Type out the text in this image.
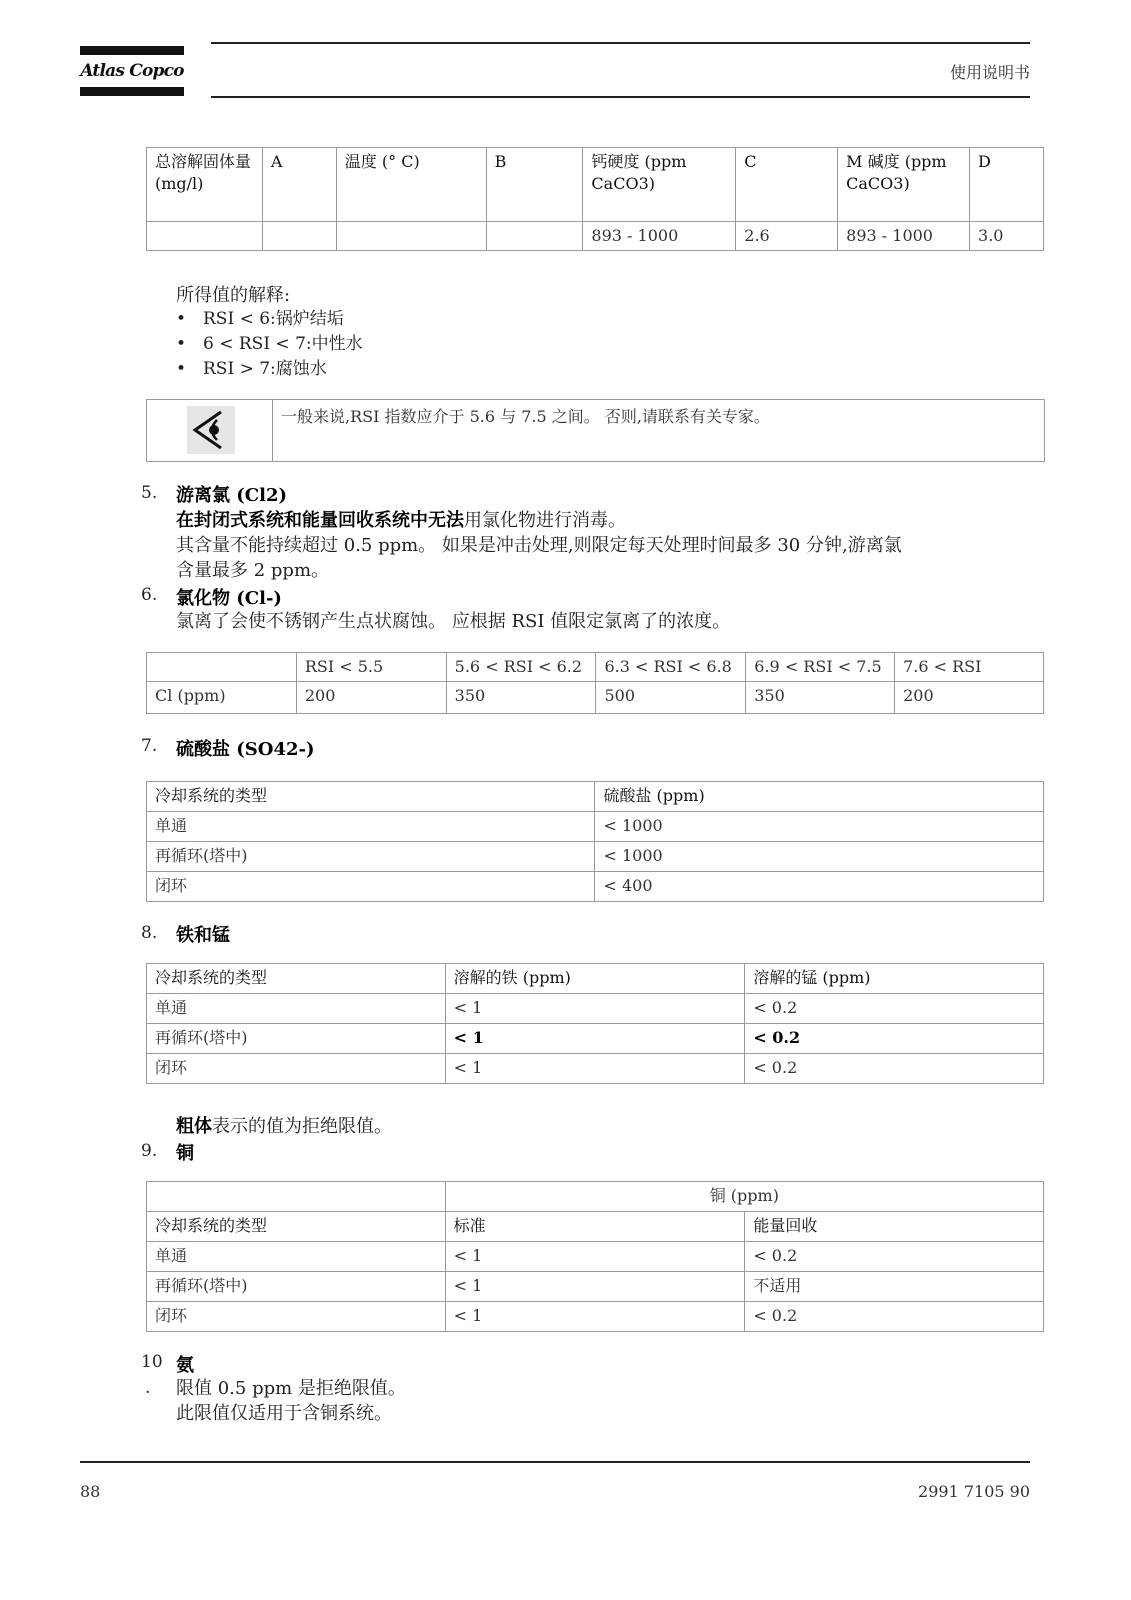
Atlas Copco	使用说明书
总溶解固体量
(mg/l)	A	温度 (° C)	B	钙硬度 (ppm CaCO3)	C	M 碱度 (ppm CaCO3)	D
				893 - 1000	2.6	893 - 1000	3.0
所得值的解释:
• RSI < 6:锅炉结垢
• 6 < RSI < 7:中性水
• RSI > 7:腐蚀水
一般来说,RSI 指数应介于 5.6 与 7.5 之间。 否则,请联系有关专家。
5. 游离氯 (Cl2)
在封闭式系统和能量回收系统中无法用氯化物进行消毒。
其含量不能持续超过 0.5 ppm。 如果是冲击处理,则限定每天处理时间最多 30 分钟,游离氯
含量最多 2 ppm。
6. 氯化物 (Cl-)
氯离了会使不锈钢产生点状腐蚀。 应根据 RSI 值限定氯离了的浓度。
	RSI < 5.5	5.6 < RSI < 6.2	6.3 < RSI < 6.8	6.9 < RSI < 7.5	7.6 < RSI
Cl (ppm)	200	350	500	350	200
7. 硫酸盐 (SO42-)
冷却系统的类型	硫酸盐 (ppm)
单通	< 1000
再循环(塔中)	< 1000
闭环	< 400
8. 铁和锰
冷却系统的类型	溶解的铁 (ppm)	溶解的锰 (ppm)
单通	< 1	< 0.2
再循环(塔中)	< 1	< 0.2
闭环	< 1	< 0.2
粗体表示的值为拒绝限值。
9. 铜
	铜 (ppm)	
冷却系统的类型	标准	能量回收
单通	< 1	< 0.2
再循环(塔中)	< 1	不适用
闭环	< 1	< 0.2
10
.
氨
限值 0.5 ppm 是拒绝限值。
此限值仅适用于含铜系统。
88	2991 7105 90
